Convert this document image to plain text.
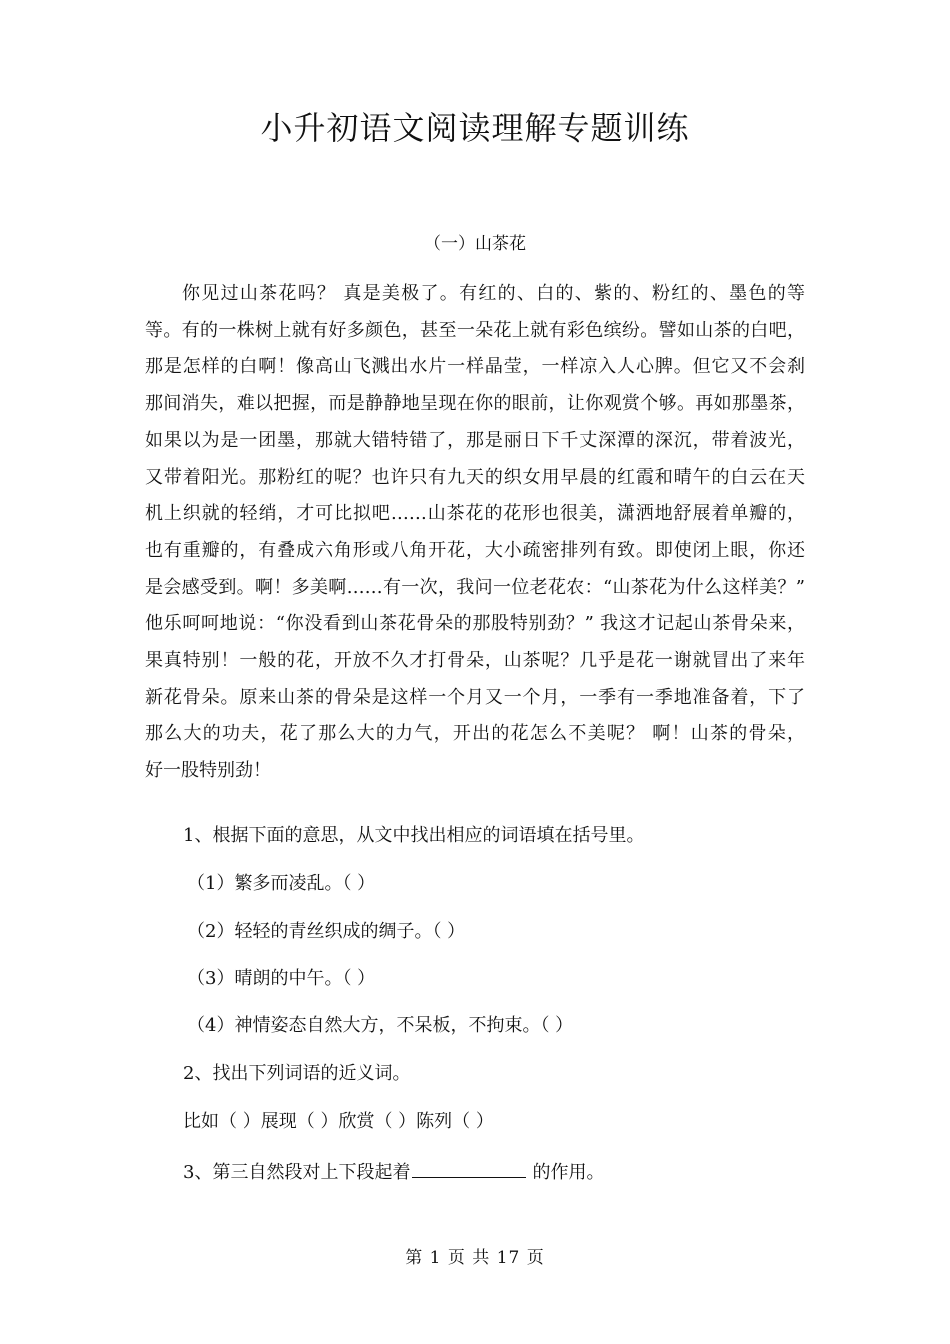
小升初语文阅读理解专题训练
（一）山茶花
你见过山茶花吗？ 真是美极了。有红的、白的、紫的、粉红的、墨色的等
等。有的一株树上就有好多颜色，甚至一朵花上就有彩色缤纷。譬如山茶的白吧，
那是怎样的白啊！像高山飞溅出水片一样晶莹，一样凉入人心脾。但它又不会刹
那间消失，难以把握，而是静静地呈现在你的眼前，让你观赏个够。再如那墨茶，
如果以为是一团墨，那就大错特错了，那是丽日下千丈深潭的深沉，带着波光，
又带着阳光。那粉红的呢？也许只有九天的织女用早晨的红霞和晴午的白云在天
机上织就的轻绡，才可比拟吧……山茶花的花形也很美，潇洒地舒展着单瓣的，
也有重瓣的，有叠成六角形或八角开花，大小疏密排列有致。即使闭上眼，你还
是会感受到。啊！多美啊……有一次，我问一位老花农：“山茶花为什么这样美？”
他乐呵呵地说：“你没看到山茶花骨朵的那股特别劲？” 我这才记起山茶骨朵来，
果真特别！一般的花，开放不久才打骨朵，山茶呢？几乎是花一谢就冒出了来年
新花骨朵。原来山茶的骨朵是这样一个月又一个月，一季有一季地准备着，下了
那么大的功夫，花了那么大的力气，开出的花怎么不美呢？ 啊！山茶的骨朵，
好一股特别劲！
1、根据下面的意思，从文中找出相应的词语填在括号里。
（1）繁多而凌乱。（ ）
（2）轻轻的青丝织成的绸子。（ ）
（3）晴朗的中午。（ ）
（4）神情姿态自然大方，不呆板，不拘束。（ ）
2、找出下列词语的近义词。
比如（ ）展现（ ）欣赏（ ）陈列（ ）
3、第三自然段对上下段起着	的作用。
第 1 页 共 17 页
